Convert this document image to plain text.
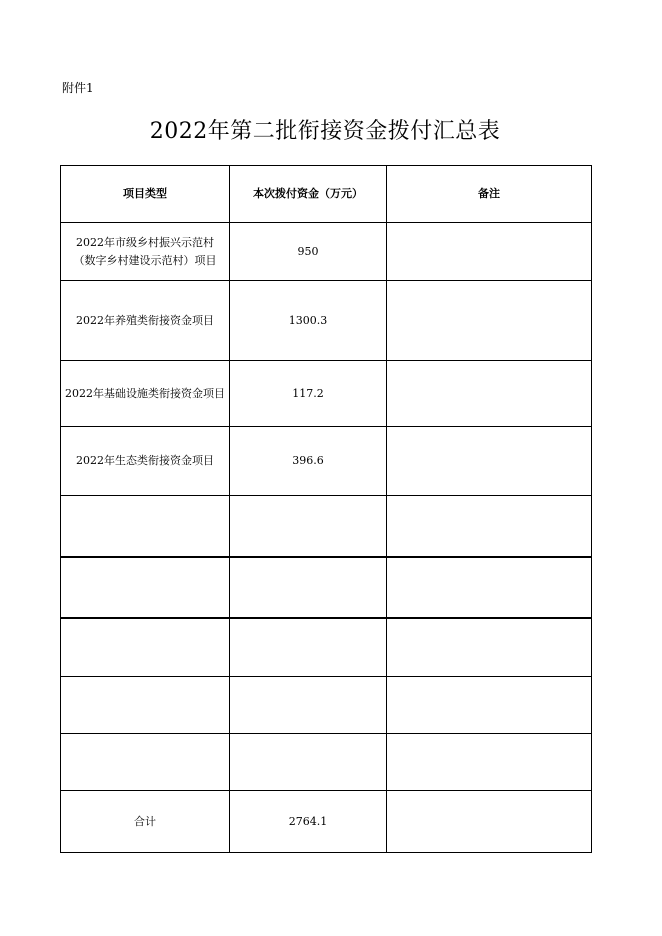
附件1
2022年第二批衔接资金拨付汇总表
项目类型	本次拨付资金（万元）	备注

2022年市级乡村振兴示范村
（数字乡村建设示范村）项目	950	

2022年养殖类衔接资金项目	1300.3	

2022年基础设施类衔接资金项目	117.2	

2022年生态类衔接资金项目	396.6	

合计	2764.1	
